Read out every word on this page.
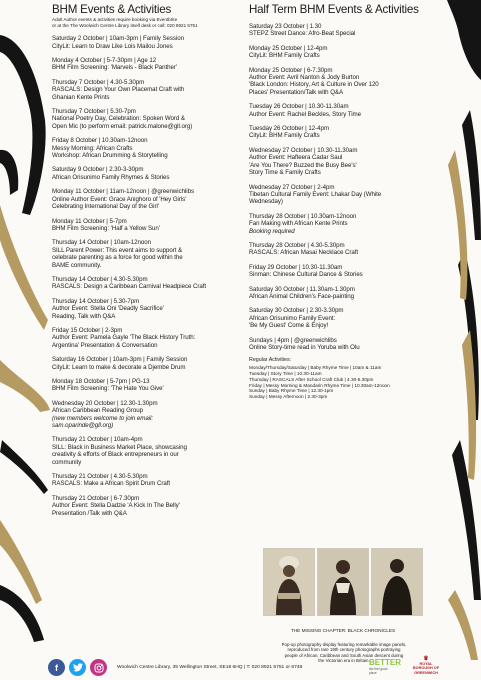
BHM Events & Activities
Adult Author events & activities require booking via Eventbrite
or at the The Woolwich Centre Library itself desk or call: 020 8921 5751
Saturday 2 October | 10am-3pm | Family Session
CityLit: Learn to Draw Like Lois Mailou Jones
Monday 4 October | 5-7-30pm | Age 12
BHM Film Screening: 'Marvels - Black Panther'
Thursday 7 October | 4.30-5.30pm
RASCALS: Design Your Own Placemat Craft with
Ghanian Kente Prints
Thursday 7 October | 5.30-7pm
National Poetry Day, Celebration: Spoken Word &
Open Mic (to perform email: patrick.malone@gll.org)
Friday 8 October | 10.30am-12noon
Messy Morning: African Crafts
Workshop: African Drumming & Storytelling
Saturday 9 October | 2.30-3-30pm
African Orisunimo Family Rhymes & Stories
Monday 11 October | 11am-12noon | @greenwichlibs
Online Author Event: Grace Anighoro of 'Hey Girls'
Celebrating International Day of the Girl'
Monday 11 October | 5-7pm
BHM Film Screening: 'Half a Yellow Sun'
Thursday 14 October | 10am-12noon
SILL Parent Power: This event aims to support &
celebrate parenting as a force for good within the
BAME community.
Thursday 14 October | 4.30-5.30pm
RASCALS: Design a Caribbean Carnival Headpiece Craft
Thursday 14 October | 5.30-7pm
Author Event: Stella Oni 'Deadly Sacrifice'
Reading, Talk with Q&A
Friday 15 October | 2-3pm
Author Event: Pamela Gayle 'The Black History Truth:
Argentina' Presentation & Conversation
Saturday 16 October | 10am-3pm | Family Session
CityLit: Learn to make & decorate a Djembe Drum
Monday 18 October | 5-7pm | PG-13
BHM Film Screening: 'The Hate You Give'
Wednesday 20 October | 12.30-1.30pm
African Caribbean Reading Group
(new members welcome to join email:
sam.oparinde@gll.org)
Thursday 21 October | 10am-4pm
SILL: Black in Business Market Place, showcasing
creativity & efforts of Black entrepreneurs in our
community
Thursday 21 October | 4.30-5.30pm
RASCALS: Make a African Spirit Drum Craft
Thursday 21 October | 6-7.30pm
Author Event: Stella Dadzie 'A Kick In The Belly'
Presentation /Talk with Q&A
Half Term BHM Events & Activities
Saturday 23 October | 1.30
STEPZ Street Dance: Afro-Beat Special
Monday 25 October | 12-4pm
CityLit: BHM Family Crafts
Monday 25 October | 6-7.30pm
Author Event: Avril Nanton & Jody Burton
'Black London: History, Art & Culture in Over 120
Places' Presentation/Talk with Q&A
Tuesday 26 October | 10.30-11.30am
Author Event: Rachel Beckles, Story Time
Tuesday 26 October | 12-4pm
CityLit: BHM Family Crafts
Wednesday 27 October | 10.30-11.30am
Author Event: Hafteera Cadar Saul
'Are You There? Buzzed the Busy Bee's'
Story Time & Family Crafts
Wednesday 27 October | 2-4pm
Tibetan Cultural Family Event: Lhakar Day (White
Wednesday)
Thursday 28 October | 10.30am-12noon
Fan Making with African Kente Prints
Booking required
Thursday 28 October | 4.30-5.30pm
RASCALS: African Masai Necklace Craft
Friday 29 October | 10.30-11.30am
Sinman: Chinese Cultural Dance & Stories
Saturday 30 October | 11.30am-1.30pm
African Animal Children's Face-painting
Saturday 30 October | 2.30-3.30pm
African Orisunimo Family Event:
'Be My Guest' Come & Enjoy!
Sundays | 4pm | @greenwichlibs
Online Story-time read in Yoruba with Olu
Regular Activities:
Monday/Thursday/Saturday | Baby Rhyme Time | 10am & 11am
Tuesday | Story Time | 10.30-11am
Thursday | RASCALS After School Craft Club | 4.30-5.30pm
Friday | Messy Morning & Mandarin Rhyme Time | 10.30am-12noon
Sunday | Baby Rhyme Time | 12.30-1pm
Sunday | Messy Afternoon | 2.30-3pm
THE MISSING CHAPTER: BLACK CHRONICLES
Pop-up photography display featuring remarkable image panels,
reproduced from rare 19th century photographs portraying
people of African, Caribbean and South Asian descent during
the Victorian era in Britain.
f	Woolwich Centre Library, 35 Wellington Street, SE18 6HQ | T: 020 8921 5751 or 6748
BETTER
the feel good place
♛
ROYAL
BOROUGH OF
GREENWICH
